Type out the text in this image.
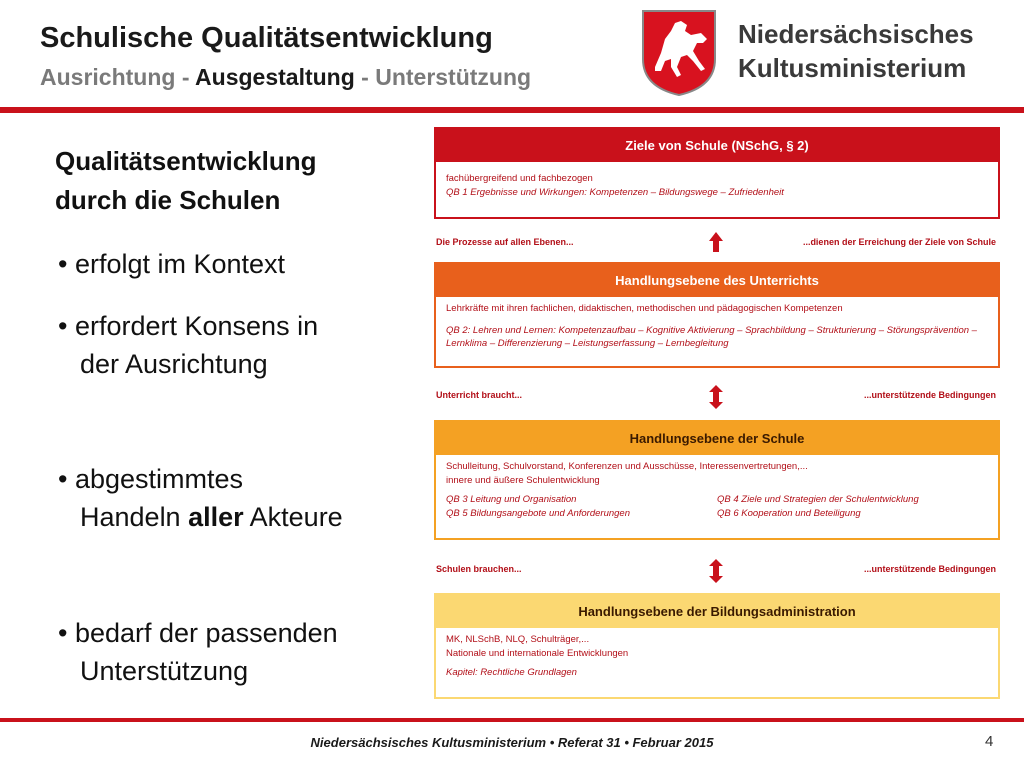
Schulische Qualitätsentwicklung
Ausrichtung - Ausgestaltung - Unterstützung
Niedersächsisches
Kultusministerium
Qualitätsentwicklung
durch die Schulen
• erfolgt im Kontext
• erfordert Konsens in
der Ausrichtung
• abgestimmtes
Handeln aller Akteure
• bedarf der passenden
Unterstützung
Ziele von Schule (NSchG, § 2)
fachübergreifend und fachbezogen
QB 1 Ergebnisse und Wirkungen: Kompetenzen – Bildungswege – Zufriedenheit
Die Prozesse auf allen Ebenen...	...dienen der Erreichung der Ziele von Schule
Handlungsebene des Unterrichts
Lehrkräfte mit ihren fachlichen, didaktischen, methodischen und pädagogischen Kompetenzen
QB 2: Lehren und Lernen: Kompetenzaufbau – Kognitive Aktivierung – Sprachbildung – Strukturierung – Störungsprävention –
Lernklima – Differenzierung – Leistungserfassung – Lernbegleitung
Unterricht braucht...	...unterstützende Bedingungen
Handlungsebene der Schule
Schulleitung, Schulvorstand, Konferenzen und Ausschüsse, Interessenvertretungen,...
innere und äußere Schulentwicklung
QB 3 Leitung und Organisation
QB 5 Bildungsangebote und Anforderungen
QB 4 Ziele und Strategien der Schulentwicklung
QB 6 Kooperation und Beteiligung
Schulen brauchen...	...unterstützende Bedingungen
Handlungsebene der Bildungsadministration
MK, NLSchB, NLQ, Schulträger,...
Nationale und internationale Entwicklungen
Kapitel: Rechtliche Grundlagen
Niedersächsisches Kultusministerium • Referat 31 • Februar 2015	4
